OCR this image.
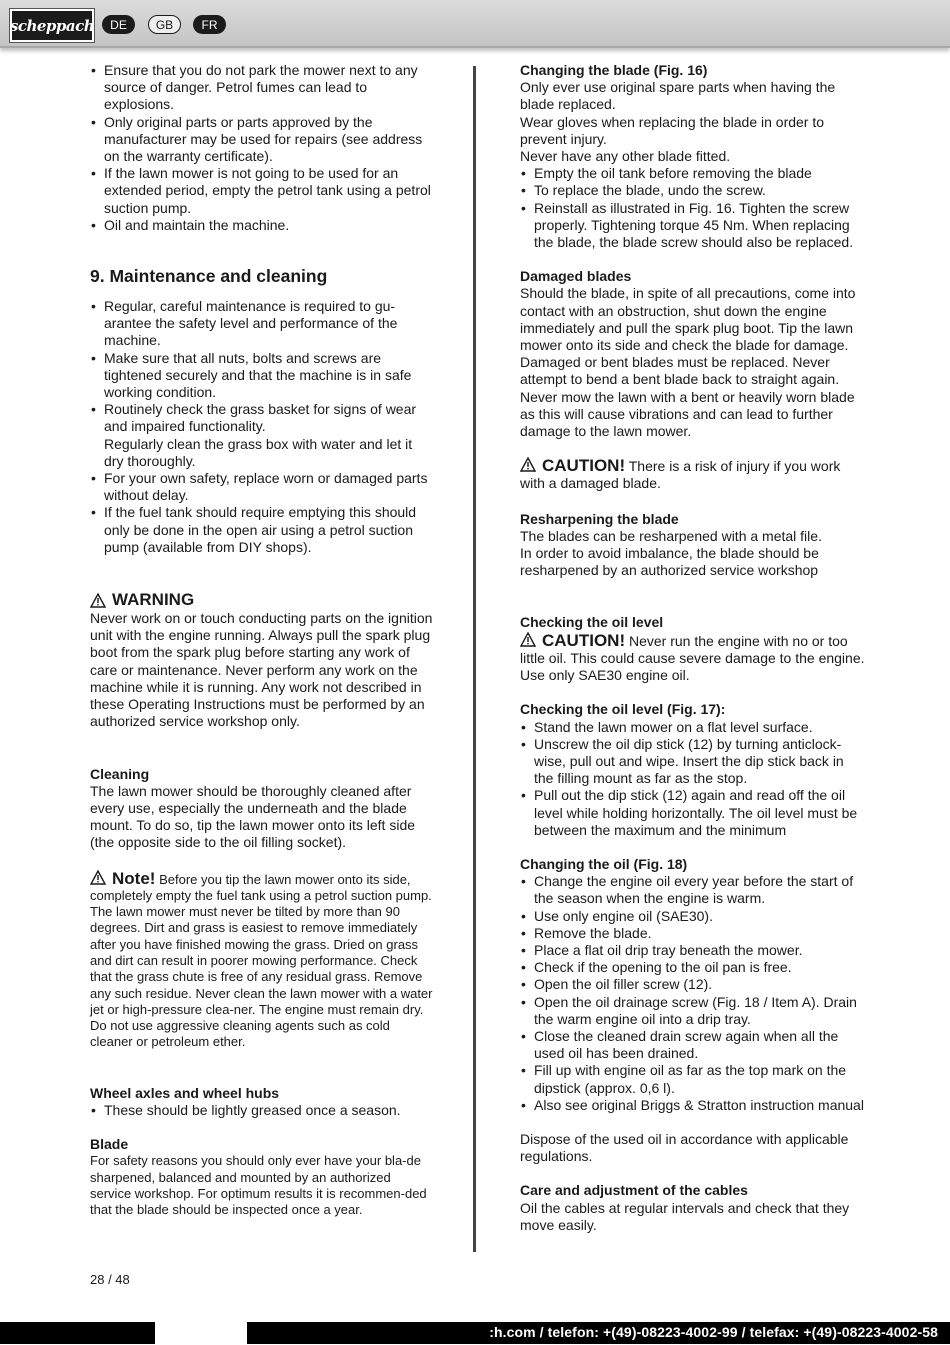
scheppach	DE	GB	FR
• Ensure that you do not park the mower next to any source of danger. Petrol fumes can lead to explosions.
• Only original parts or parts approved by the manufacturer may be used for repairs (see address on the warranty certificate).
• If the lawn mower is not going to be used for an extended period, empty the petrol tank using a petrol suction pump.
• Oil and maintain the machine.
9. Maintenance and cleaning
• Regular, careful maintenance is required to gu-arantee the safety level and performance of the machine.
• Make sure that all nuts, bolts and screws are tightened securely and that the machine is in safe working condition.
• Routinely check the grass basket for signs of wear and impaired functionality.
Regularly clean the grass box with water and let it dry thoroughly.
• For your own safety, replace worn or damaged parts without delay.
• If the fuel tank should require emptying this should only be done in the open air using a petrol suction pump (available from DIY shops).
WARNING

Never work on or touch conducting parts on the ignition unit with the engine running. Always pull the spark plug boot from the spark plug before starting any work of care or maintenance. Never perform any work on the machine while it is running. Any work not described in these Operating Instructions must be performed by an authorized service workshop only.

Cleaning

The lawn mower should be thoroughly cleaned after every use, especially the underneath and the blade mount. To do so, tip the lawn mower onto its left side (the opposite side to the oil filling socket).

Note! Before you tip the lawn mower onto its side, completely empty the fuel tank using a petrol suction pump. The lawn mower must never be tilted by more than 90 degrees. Dirt and grass is easiest to remove immediately after you have finished mowing the grass. Dried on grass and dirt can result in poorer mowing performance. Check that the grass chute is free of any residual grass. Remove any such residue. Never clean the lawn mower with a water jet or high-pressure clea-ner. The engine must remain dry. Do not use aggressive cleaning agents such as cold cleaner or petroleum ether.

Wheel axles and wheel hubs

• These should be lightly greased once a season.

Blade

For safety reasons you should only ever have your bla-de sharpened, balanced and mounted by an authorized service workshop. For optimum results it is recommen-ded that the blade should be inspected once a year.

Changing the blade (Fig. 16)

Only ever use original spare parts when having the blade replaced.

Wear gloves when replacing the blade in order to prevent injury.

Never have any other blade fitted.

• Empty the oil tank before removing the blade
• To replace the blade, undo the screw.
• Reinstall as illustrated in Fig. 16. Tighten the screw properly. Tightening torque 45 Nm. When replacing the blade, the blade screw should also be replaced.

Damaged blades

Should the blade, in spite of all precautions, come into contact with an obstruction, shut down the engine immediately and pull the spark plug boot. Tip the lawn mower onto its side and check the blade for damage. Damaged or bent blades must be replaced. Never attempt to bend a bent blade back to straight again. Never mow the lawn with a bent or heavily worn blade as this will cause vibrations and can lead to further damage to the lawn mower.

CAUTION! There is a risk of injury if you work with a damaged blade.

Resharpening the blade

The blades can be resharpened with a metal file.

In order to avoid imbalance, the blade should be resharpened by an authorized service workshop

Checking the oil level

CAUTION! Never run the engine with no or too little oil. This could cause severe damage to the engine. Use only SAE30 engine oil.

Checking the oil level (Fig. 17):

• Stand the lawn mower on a flat level surface.
• Unscrew the oil dip stick (12) by turning anticlock-wise, pull out and wipe. Insert the dip stick back in the filling mount as far as the stop.
• Pull out the dip stick (12) again and read off the oil level while holding horizontally. The oil level must be between the maximum and the minimum

Changing the oil (Fig. 18)

• Change the engine oil every year before the start of the season when the engine is warm.
• Use only engine oil (SAE30).
• Remove the blade.
• Place a flat oil drip tray beneath the mower.
• Check if the opening to the oil pan is free.
• Open the oil filler screw (12).
• Open the oil drainage screw (Fig. 18 / Item A). Drain the warm engine oil into a drip tray.
• Close the cleaned drain screw again when all the used oil has been drained.
• Fill up with engine oil as far as the top mark on the dipstick (approx. 0,6 l).
• Also see original Briggs & Stratton instruction manual

Dispose of the used oil in accordance with applicable regulations.

Care and adjustment of the cables

Oil the cables at regular intervals and check that they move easily.

28 / 48
:h.com / telefon: +(49)-08223-4002-99 / telefax: +(49)-08223-4002-58
